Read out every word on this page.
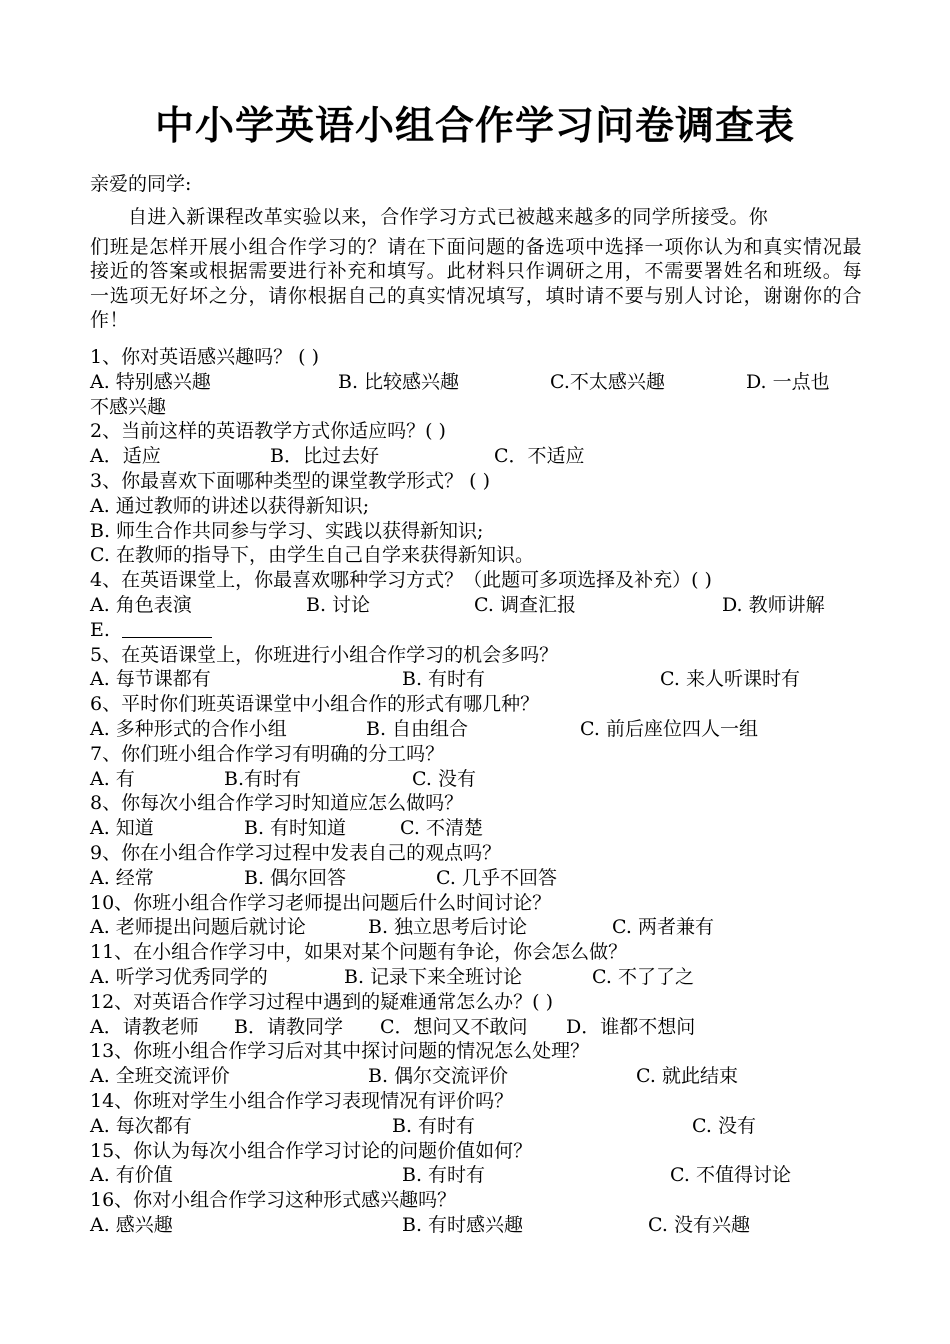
中小学英语小组合作学习问卷调查表
亲爱的同学:

自进入新课程改革实验以来，合作学习方式已被越来越多的同学所接受。你

们班是怎样开展小组合作学习的？请在下面问题的备选项中选择一项你认为和真实情况最接近的答案或根据需要进行补充和填写。此材料只作调研之用，不需要署姓名和班级。每一选项无好坏之分，请你根据自己的真实情况填写，填时请不要与别人讨论，谢谢你的合作！

1、你对英语感兴趣吗？ ( )
A. 特别感兴趣	B. 比较感兴趣	C.不太感兴趣	D. 一点也
不感兴趣
2、当前这样的英语教学方式你适应吗？( )
A．适应	B．比过去好	C．不适应
3、你最喜欢下面哪种类型的课堂教学形式？ ( )
A. 通过教师的讲述以获得新知识;
B. 师生合作共同参与学习、实践以获得新知识;
C. 在教师的指导下，由学生自己自学来获得新知识。
4、在英语课堂上，你最喜欢哪种学习方式？（此题可多项选择及补充）( )
A. 角色表演	B. 讨论	C. 调查汇报	D. 教师讲解
E.
5、在英语课堂上，你班进行小组合作学习的机会多吗？
A. 每节课都有	B. 有时有	C. 来人听课时有
6、平时你们班英语课堂中小组合作的形式有哪几种？
A. 多种形式的合作小组	B. 自由组合	C. 前后座位四人一组
7、你们班小组合作学习有明确的分工吗？
A. 有	B.有时有	C. 没有
8、你每次小组合作学习时知道应怎么做吗？
A. 知道	B. 有时知道	C. 不清楚
9、你在小组合作学习过程中发表自己的观点吗？
A. 经常	B. 偶尔回答	C. 几乎不回答
10、你班小组合作学习老师提出问题后什么时间讨论？
A. 老师提出问题后就讨论	B. 独立思考后讨论	C. 两者兼有
11、在小组合作学习中，如果对某个问题有争论，你会怎么做？
A. 听学习优秀同学的	B. 记录下来全班讨论	C. 不了了之
12、对英语合作学习过程中遇到的疑难通常怎么办？( )
A．请教老师 B．请教同学 C．想问又不敢问 D．谁都不想问
13、你班小组合作学习后对其中探讨问题的情况怎么处理？
A. 全班交流评价	B. 偶尔交流评价	C. 就此结束
14、你班对学生小组合作学习表现情况有评价吗？
A. 每次都有	B. 有时有	C. 没有
15、你认为每次小组合作学习讨论的问题价值如何？
A. 有价值	B. 有时有	C. 不值得讨论
16、你对小组合作学习这种形式感兴趣吗？
A. 感兴趣	B. 有时感兴趣	C. 没有兴趣
